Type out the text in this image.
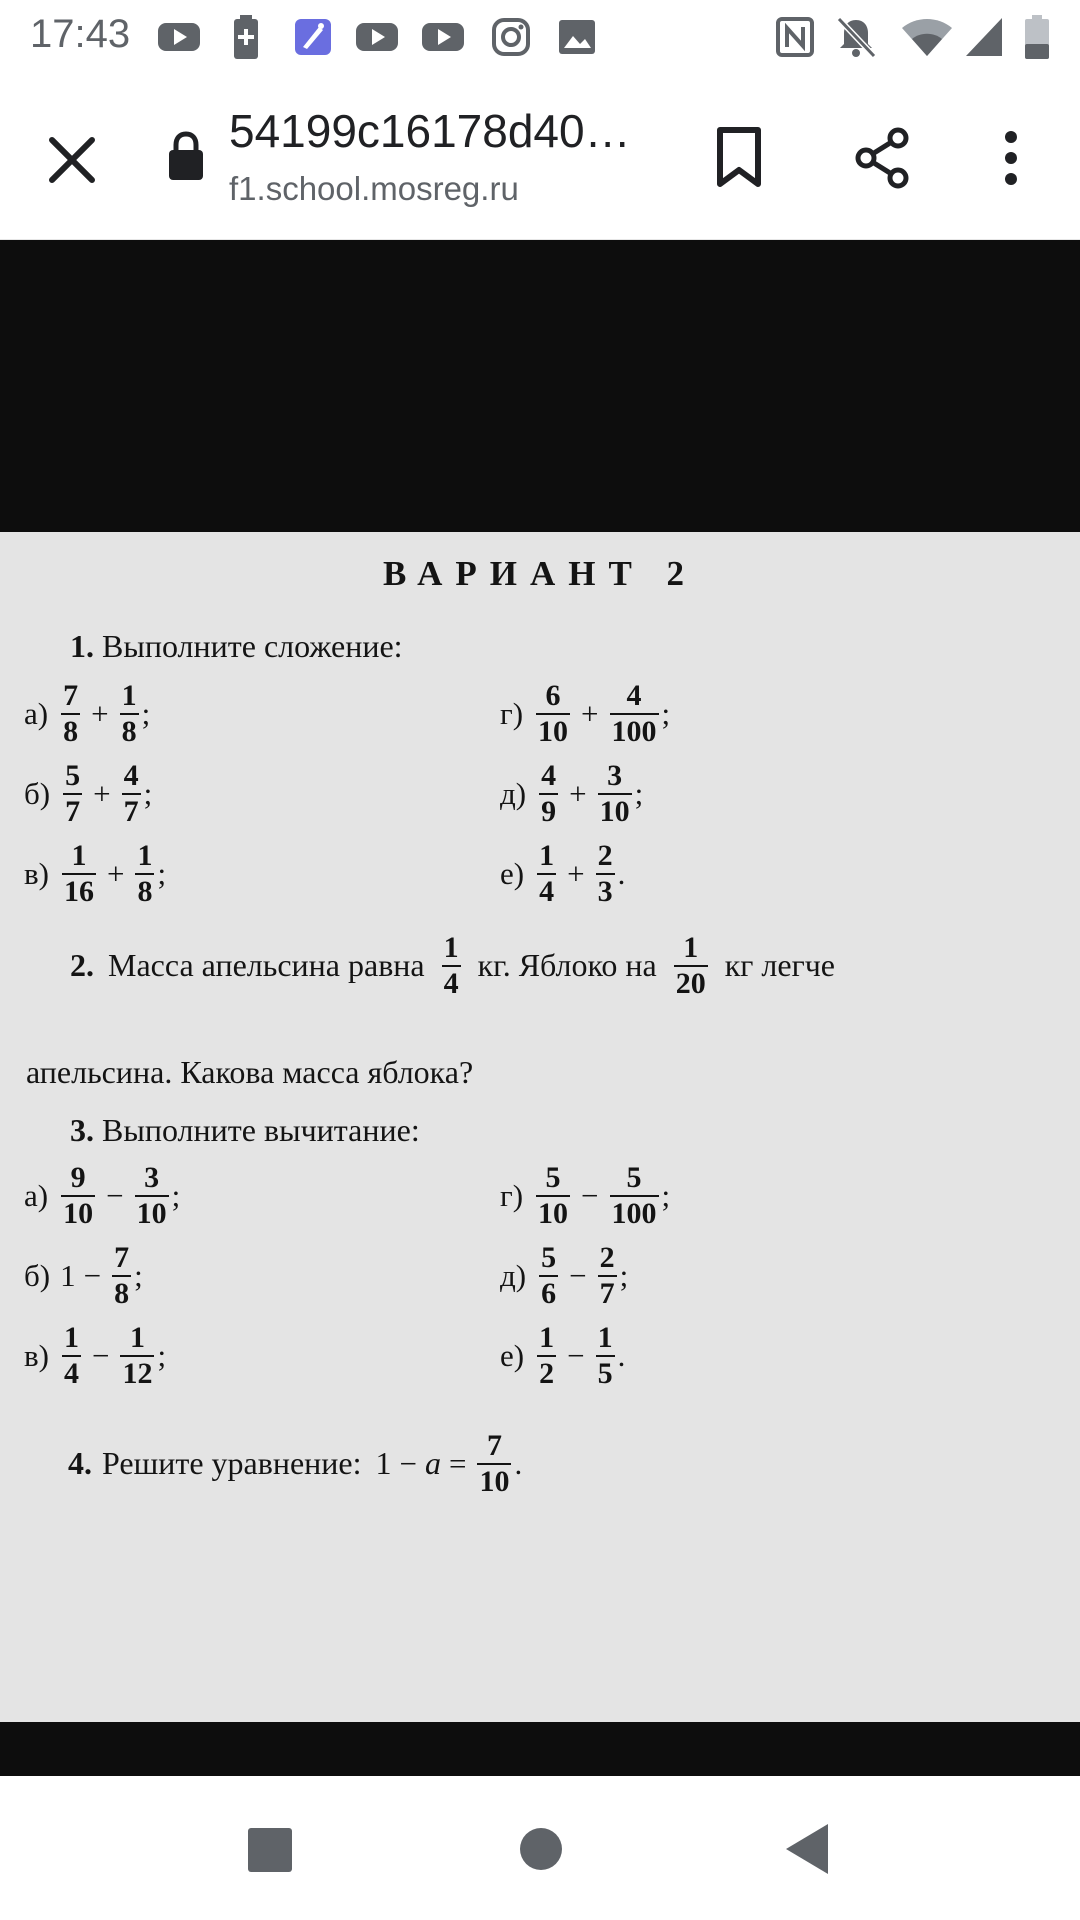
17:43
54199c16178d40…
f1.school.mosreg.ru
ВАРИАНТ 2
1. Выполните сложение:
$а) \frac{7}{8} + \frac{1}{8}$ ;
$б) \frac{5}{7} + \frac{4}{7}$ ;
$в) \frac{1}{16} + \frac{1}{8}$ ;
$г) \frac{6}{10} + \frac{4}{100}$ ;
$д) \frac{4}{9} + \frac{3}{10}$ ;
$е) \frac{1}{4} + \frac{2}{3}$ .
2. Масса апельсина равна $\frac{1}{4}$ кг. Яблоко на $\frac{1}{20}$ кг легче
апельсина. Какова масса яблока?
3. Выполните вычитание:
$а) \frac{9}{10} - \frac{3}{10}$ ;
б) $1 - \frac{7}{8}$ ;
$в) \frac{1}{4} - \frac{1}{12}$ ;
$г) \frac{5}{10} - \frac{5}{100}$ ;
$д) \frac{5}{6} - \frac{2}{7}$ ;
$е) \frac{1}{2} - \frac{1}{5}$ .
4. Решите уравнение: $1 - a = \frac{7}{10}$ .
